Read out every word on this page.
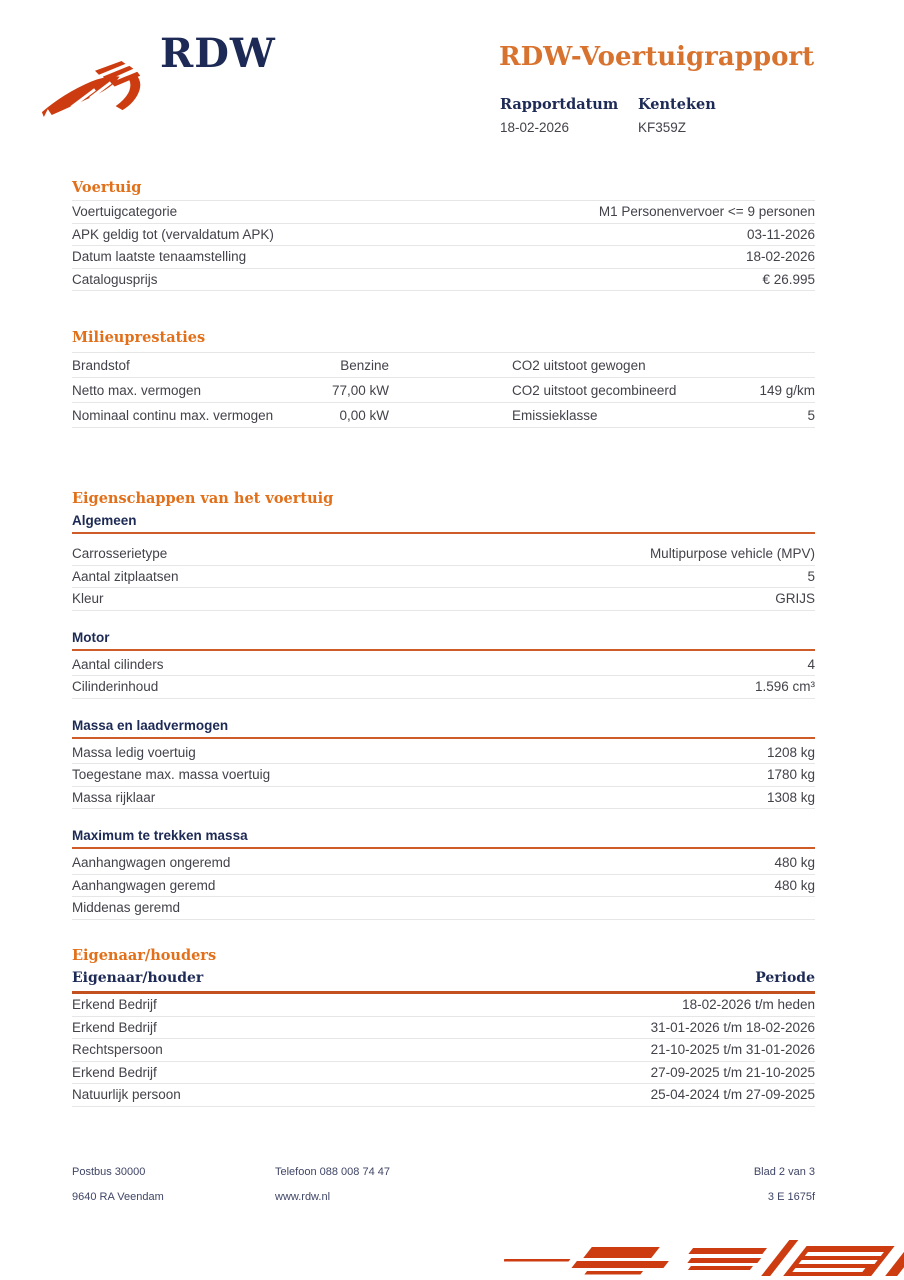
RDW	RDW-Voertuigrapport
Rapportdatum
18-02-2026
Kenteken
KF359Z
Voertuig
Voertuigcategorie	M1 Personenvervoer <= 9 personen
APK geldig tot (vervaldatum APK)	03-11-2026
Datum laatste tenaamstelling	18-02-2026
Catalogusprijs	€ 26.995
Milieuprestaties
Brandstof	Benzine	CO2 uitstoot gewogen
Netto max. vermogen	77,00 kW	CO2 uitstoot gecombineerd	149 g/km
Nominaal continu max. vermogen	0,00 kW	Emissieklasse	5
Eigenschappen van het voertuig
Algemeen
Carrosserietype	Multipurpose vehicle (MPV)
Aantal zitplaatsen	5
Kleur	GRIJS
Motor
Aantal cilinders	4
Cilinderinhoud	1.596 cm³
Massa en laadvermogen
Massa ledig voertuig	1208 kg
Toegestane max. massa voertuig	1780 kg
Massa rijklaar	1308 kg
Maximum te trekken massa
Aanhangwagen ongeremd	480 kg
Aanhangwagen geremd	480 kg
Middenas geremd
Eigenaar/houders
Eigenaar/houder	Periode
Erkend Bedrijf	18-02-2026 t/m heden
Erkend Bedrijf	31-01-2026 t/m 18-02-2026
Rechtspersoon	21-10-2025 t/m 31-01-2026
Erkend Bedrijf	27-09-2025 t/m 21-10-2025
Natuurlijk persoon	25-04-2024 t/m 27-09-2025
Postbus 30000	Telefoon 088 008 74 47	Blad 2 van 3
9640 RA Veendam	www.rdw.nl	3 E 1675f
